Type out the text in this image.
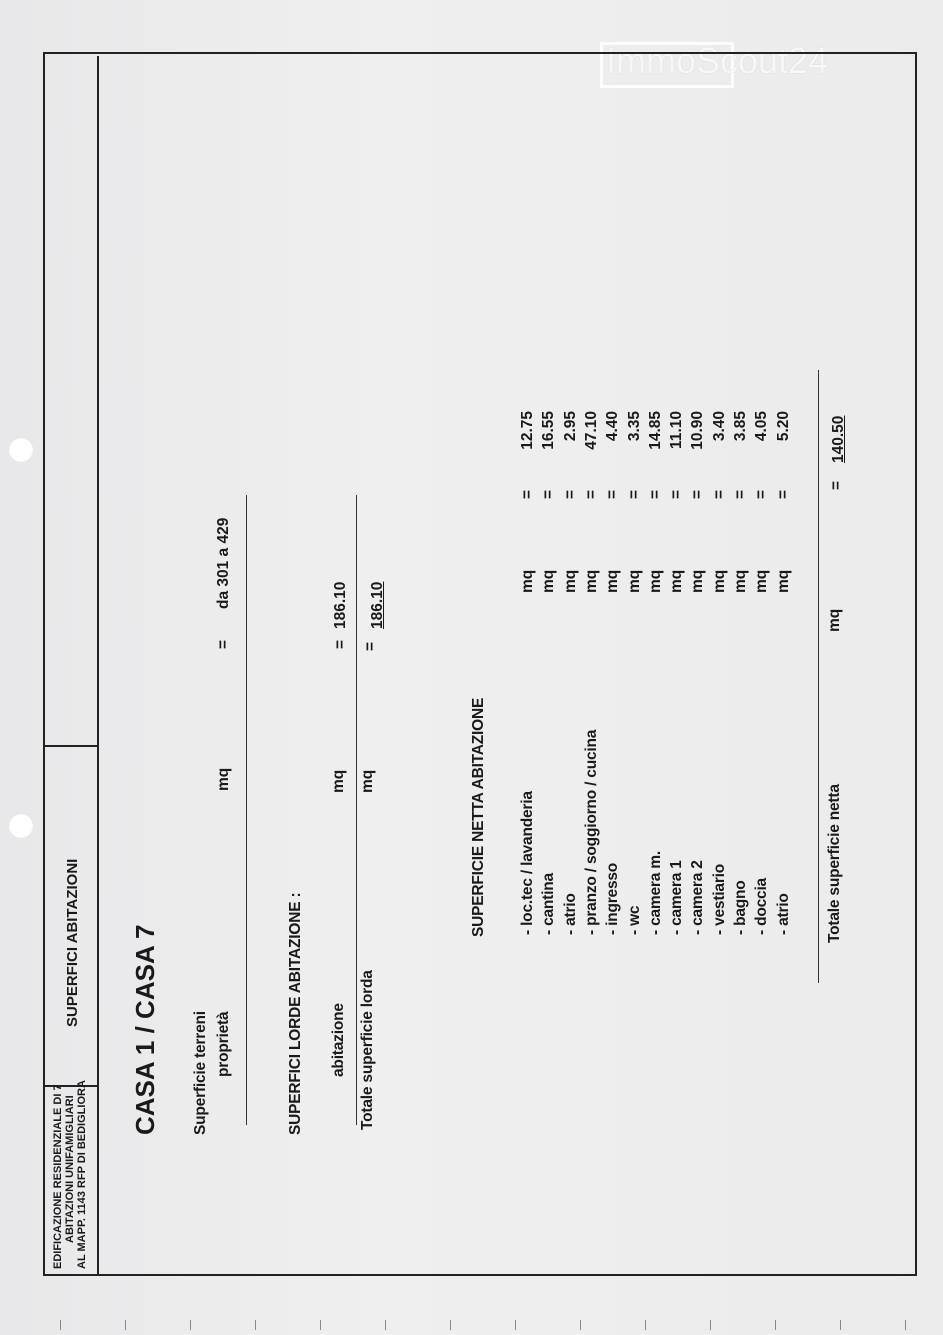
ImmoScout24
EDIFICAZIONE RESIDENZIALE DI 7 ABITAZIONI UNIFAMIGLIARI AL MAPP. 1143 RFP DI BEDIGLIORA
SUPERFICI ABITAZIONI CASA 1 / CASA 7 Superficie terreni proprietà
mq
=
da 301 a 429
SUPERFICI LORDE ABITAZIONE : abitazione
mq
=
186.10
Totale superficie lorda
mq
=
186.10
SUPERFICIE NETTA ABITAZIONE - loc.tec / lavanderia
mq
=
12.75
- cantina
mq
=
16.55
- atrio
mq
=
2.95
- pranzo / soggiorno / cucina
mq
=
47.10
- ingresso
mq
=
4.40
- wc
mq
=
3.35
- camera m.
mq
=
14.85
- camera 1
mq
=
11.10
- camera 2
mq
=
10.90
- vestiario
mq
=
3.40
- bagno
mq
=
3.85
- doccia
mq
=
4.05
- atrio
mq
=
5.20
Totale superficie netta
mq
=
140.50
